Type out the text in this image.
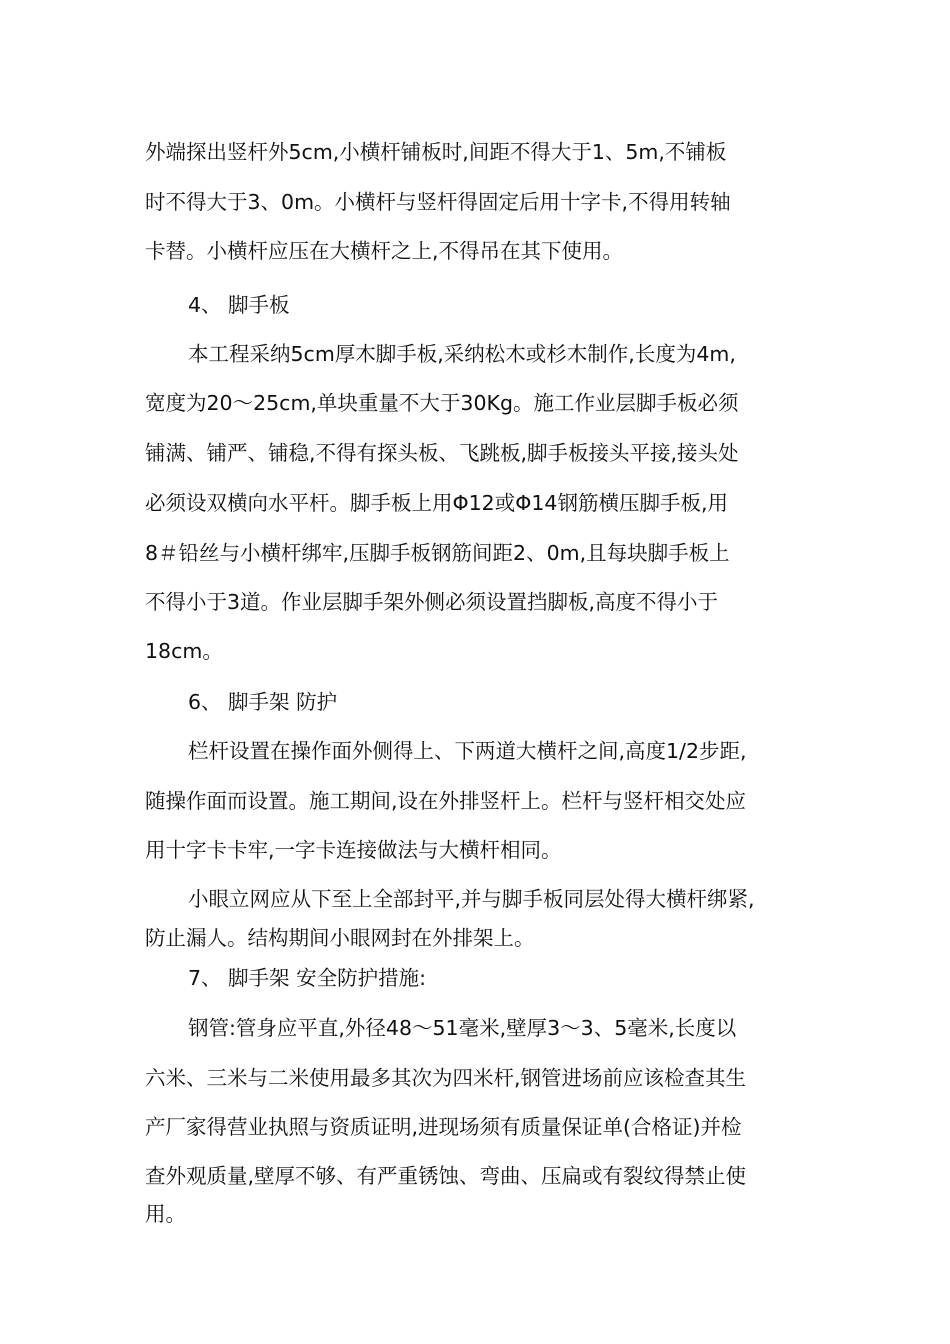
外端探出竖杆外5cm,小横杆铺板时,间距不得大于1、5m,不铺板
时不得大于3、0m。小横杆与竖杆得固定后用十字卡,不得用转轴
卡替。小横杆应压在大横杆之上,不得吊在其下使用。
4、 脚手板
本工程采纳5cm厚木脚手板,采纳松木或杉木制作,长度为4m,
宽度为20～25cm,单块重量不大于30Kg。施工作业层脚手板必须
铺满、铺严、铺稳,不得有探头板、飞跳板,脚手板接头平接,接头处
必须设双横向水平杆。脚手板上用Φ12或Φ14钢筋横压脚手板,用
8＃铅丝与小横杆绑牢,压脚手板钢筋间距2、0m,且每块脚手板上
不得小于3道。作业层脚手架外侧必须设置挡脚板,高度不得小于
18cm。
6、 脚手架 防护
栏杆设置在操作面外侧得上、下两道大横杆之间,高度1/2步距,
随操作面而设置。施工期间,设在外排竖杆上。栏杆与竖杆相交处应
用十字卡卡牢,一字卡连接做法与大横杆相同。
小眼立网应从下至上全部封平,并与脚手板同层处得大横杆绑紧,
防止漏人。结构期间小眼网封在外排架上。
7、 脚手架 安全防护措施:
钢管:管身应平直,外径48～51毫米,壁厚3～3、5毫米,长度以
六米、三米与二米使用最多其次为四米杆,钢管进场前应该检查其生
产厂家得营业执照与资质证明,进现场须有质量保证单(合格证)并检
查外观质量,壁厚不够、有严重锈蚀、弯曲、压扁或有裂纹得禁止使
用。
